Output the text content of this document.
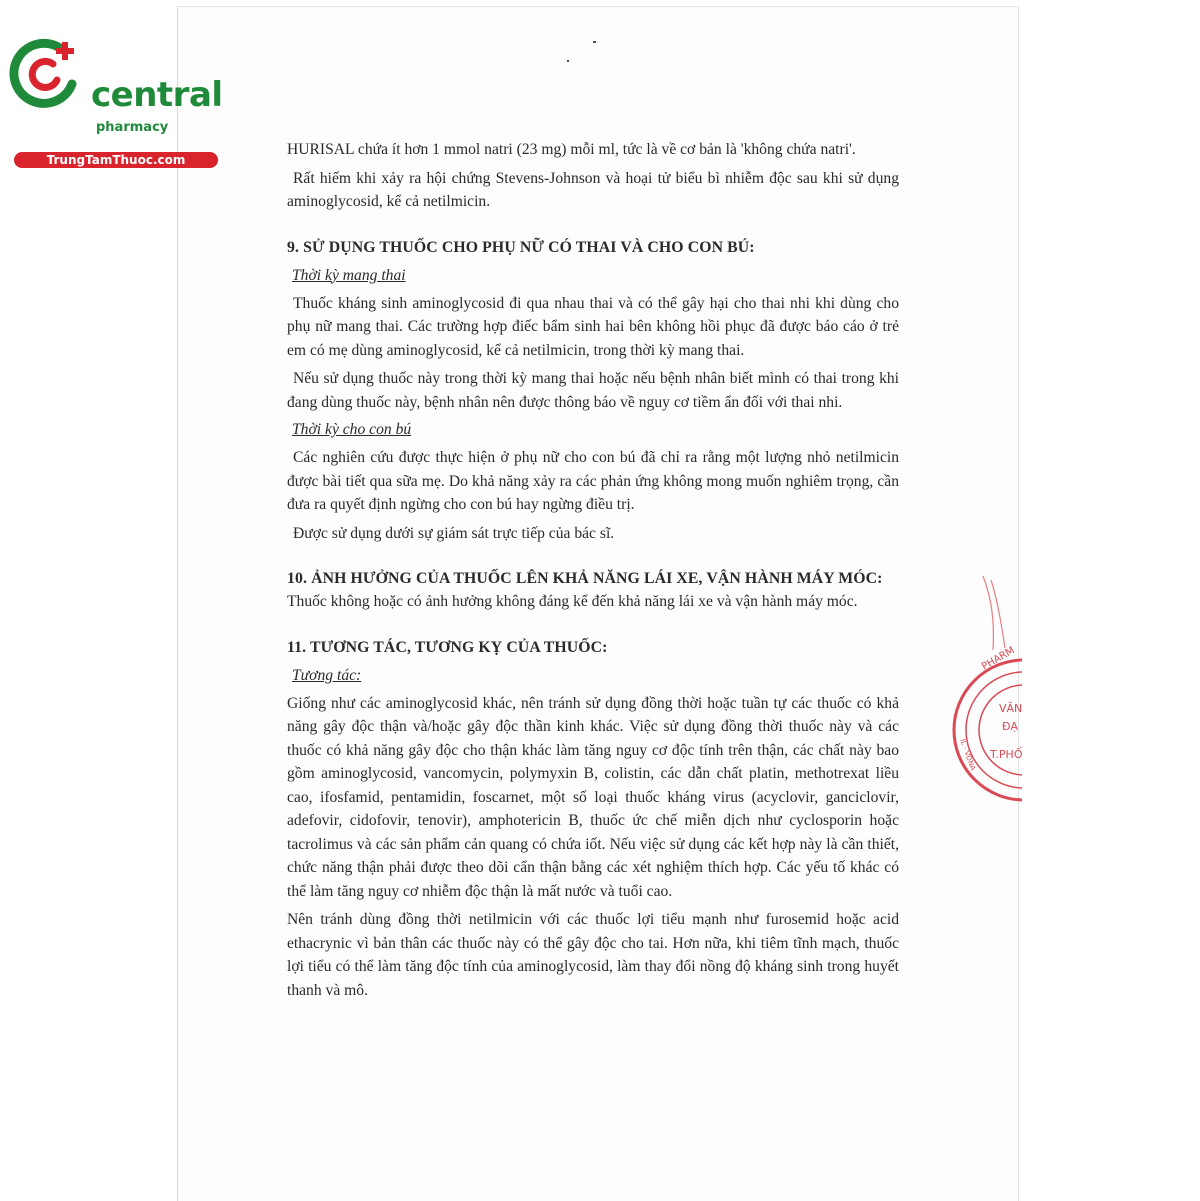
central
pharmacy
TrungTamThuoc.com
PHARM
VĂN
ĐẠ
T.PHỐ
IL · VDNA

HURISAL chứa ít hơn 1 mmol natri (23 mg) mỗi ml, tức là về cơ bản là 'không chứa natri'.

Rất hiếm khi xảy ra hội chứng Stevens-Johnson và hoại tử biểu bì nhiễm độc sau khi sử dụng aminoglycosid, kể cả netilmicin.

9. SỬ DỤNG THUỐC CHO PHỤ NỮ CÓ THAI VÀ CHO CON BÚ:
Thời kỳ mang thai

Thuốc kháng sinh aminoglycosid đi qua nhau thai và có thể gây hại cho thai nhi khi dùng cho phụ nữ mang thai. Các trường hợp điếc bẩm sinh hai bên không hồi phục đã được báo cáo ở trẻ em có mẹ dùng aminoglycosid, kể cả netilmicin, trong thời kỳ mang thai.

Nếu sử dụng thuốc này trong thời kỳ mang thai hoặc nếu bệnh nhân biết mình có thai trong khi đang dùng thuốc này, bệnh nhân nên được thông báo về nguy cơ tiềm ẩn đối với thai nhi.

Thời kỳ cho con bú

Các nghiên cứu được thực hiện ở phụ nữ cho con bú đã chỉ ra rằng một lượng nhỏ netilmicin được bài tiết qua sữa mẹ. Do khả năng xảy ra các phản ứng không mong muốn nghiêm trọng, cần đưa ra quyết định ngừng cho con bú hay ngừng điều trị.

Được sử dụng dưới sự giám sát trực tiếp của bác sĩ.

10. ẢNH HƯỞNG CỦA THUỐC LÊN KHẢ NĂNG LÁI XE, VẬN HÀNH MÁY MÓC:

Thuốc không hoặc có ảnh hưởng không đáng kể đến khả năng lái xe và vận hành máy móc.

11. TƯƠNG TÁC, TƯƠNG KỴ CỦA THUỐC:
Tương tác:

Giống như các aminoglycosid khác, nên tránh sử dụng đồng thời hoặc tuần tự các thuốc có khả năng gây độc thận và/hoặc gây độc thần kinh khác. Việc sử dụng đồng thời thuốc này và các thuốc có khả năng gây độc cho thận khác làm tăng nguy cơ độc tính trên thận, các chất này bao gồm aminoglycosid, vancomycin, polymyxin B, colistin, các dẫn chất platin, methotrexat liều cao, ifosfamid, pentamidin, foscarnet, một số loại thuốc kháng virus (acyclovir, ganciclovir, adefovir, cidofovir, tenovir), amphotericin B, thuốc ức chế miễn dịch như cyclosporin hoặc tacrolimus và các sản phẩm cản quang có chứa iốt. Nếu việc sử dụng các kết hợp này là cần thiết, chức năng thận phải được theo dõi cẩn thận bằng các xét nghiệm thích hợp. Các yếu tố khác có thể làm tăng nguy cơ nhiễm độc thận là mất nước và tuổi cao.

Nên tránh dùng đồng thời netilmicin với các thuốc lợi tiểu mạnh như furosemid hoặc acid ethacrynic vì bản thân các thuốc này có thể gây độc cho tai. Hơn nữa, khi tiêm tĩnh mạch, thuốc lợi tiểu có thể làm tăng độc tính của aminoglycosid, làm thay đổi nồng độ kháng sinh trong huyết thanh và mô.
